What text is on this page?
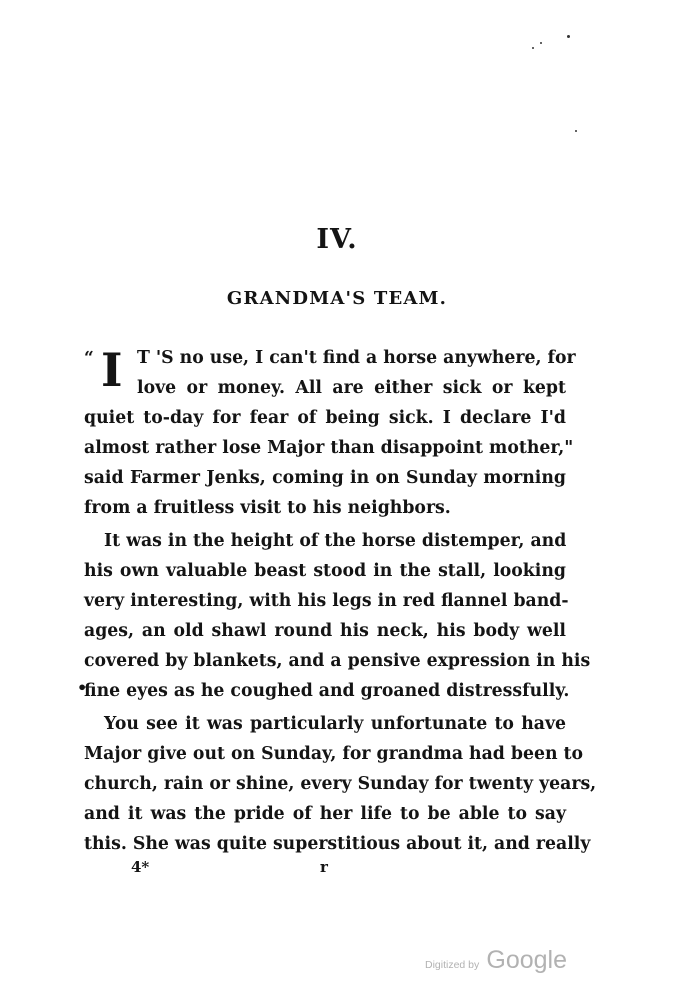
IV.
GRANDMA'S TEAM.
“ I T 'S no use, I can't find a horse anywhere, for
love or money. All are either sick or kept
quiet to-day for fear of being sick. I declare I'd
almost rather lose Major than disappoint mother,"
said Farmer Jenks, coming in on Sunday morning
from a fruitless visit to his neighbors.
It was in the height of the horse distemper, and
his own valuable beast stood in the stall, looking
very interesting, with his legs in red flannel band-
ages, an old shawl round his neck, his body well
covered by blankets, and a pensive expression in his
fine eyes as he coughed and groaned distressfully.
You see it was particularly unfortunate to have
Major give out on Sunday, for grandma had been to
church, rain or shine, every Sunday for twenty years,
and it was the pride of her life to be able to say
this. She was quite superstitious about it, and really
•
4*	r
Digitized by Google
